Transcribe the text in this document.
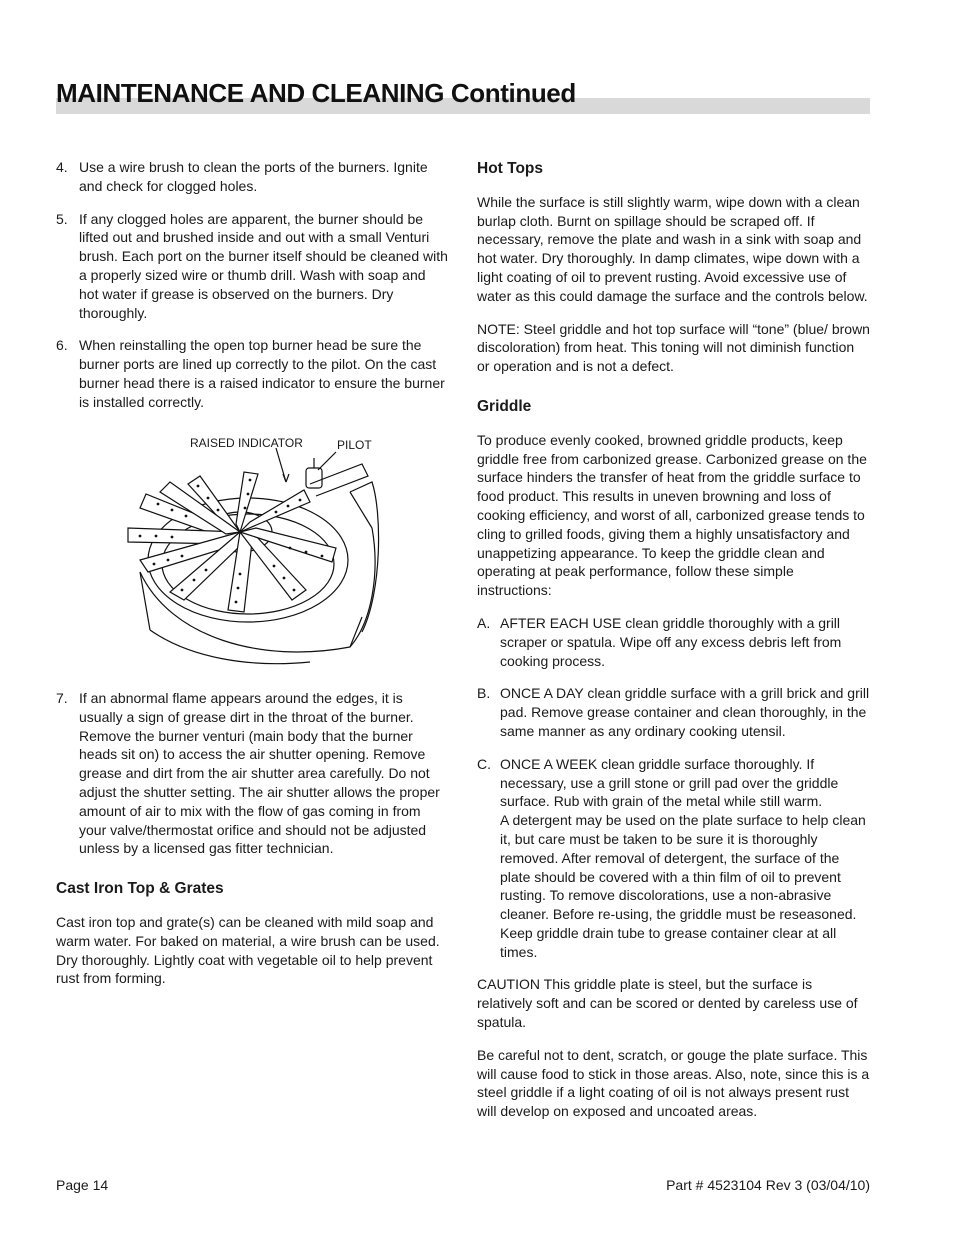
MAINTENANCE AND CLEANING Continued
4. Use a wire brush to clean the ports of the burners. Ignite and check for clogged holes.
5. If any clogged holes are apparent, the burner should be lifted out and brushed inside and out with a small Venturi brush. Each port on the burner itself should be cleaned with a properly sized wire or thumb drill. Wash with soap and hot water if grease is observed on the burners. Dry thoroughly.
6. When reinstalling the open top burner head be sure the burner ports are lined up correctly to the pilot. On the cast burner head there is a raised indicator to ensure the burner is installed correctly.
RAISED INDICATOR	PILOT
7. If an abnormal flame appears around the edges, it is usually a sign of grease dirt in the throat of the burner. Remove the burner venturi (main body that the burner heads sit on) to access the air shutter opening. Remove grease and dirt from the air shutter area carefully. Do not adjust the shutter setting. The air shutter allows the proper amount of air to mix with the flow of gas coming in from your valve/thermostat orifice and should not be adjusted unless by a licensed gas fitter technician.

Cast Iron Top & Grates

Cast iron top and grate(s) can be cleaned with mild soap and warm water. For baked on material, a wire brush can be used. Dry thoroughly. Lightly coat with vegetable oil to help prevent rust from forming.

Hot Tops

While the surface is still slightly warm, wipe down with a clean burlap cloth. Burnt on spillage should be scraped off. If necessary, remove the plate and wash in a sink with soap and hot water. Dry thoroughly. In damp climates, wipe down with a light coating of oil to prevent rusting. Avoid excessive use of water as this could damage the surface and the controls below.

NOTE: Steel griddle and hot top surface will “tone” (blue/ brown discoloration) from heat. This toning will not diminish function or operation and is not a defect.

Griddle

To produce evenly cooked, browned griddle products, keep griddle free from carbonized grease. Carbonized grease on the surface hinders the transfer of heat from the griddle surface to food product. This results in uneven browning and loss of cooking efficiency, and worst of all, carbonized grease tends to cling to grilled foods, giving them a highly unsatisfactory and unappetizing appearance. To keep the griddle clean and operating at peak performance, follow these simple instructions:

A. AFTER EACH USE clean griddle thoroughly with a grill scraper or spatula. Wipe off any excess debris left from cooking process.
B. ONCE A DAY clean griddle surface with a grill brick and grill pad. Remove grease container and clean thoroughly, in the same manner as any ordinary cooking utensil.
C. ONCE A WEEK clean griddle surface thoroughly. If necessary, use a grill stone or grill pad over the griddle surface. Rub with grain of the metal while still warm.
A detergent may be used on the plate surface to help clean it, but care must be taken to be sure it is thoroughly removed. After removal of detergent, the surface of the plate should be covered with a thin film of oil to prevent rusting. To remove discolorations, use a non-abrasive cleaner. Before re-using, the griddle must be reseasoned. Keep griddle drain tube to grease container clear at all times.

CAUTION This griddle plate is steel, but the surface is relatively soft and can be scored or dented by careless use of spatula.

Be careful not to dent, scratch, or gouge the plate surface. This will cause food to stick in those areas. Also, note, since this is a steel griddle if a light coating of oil is not always present rust will develop on exposed and uncoated areas.

Page 14	Part # 4523104 Rev 3 (03/04/10)
